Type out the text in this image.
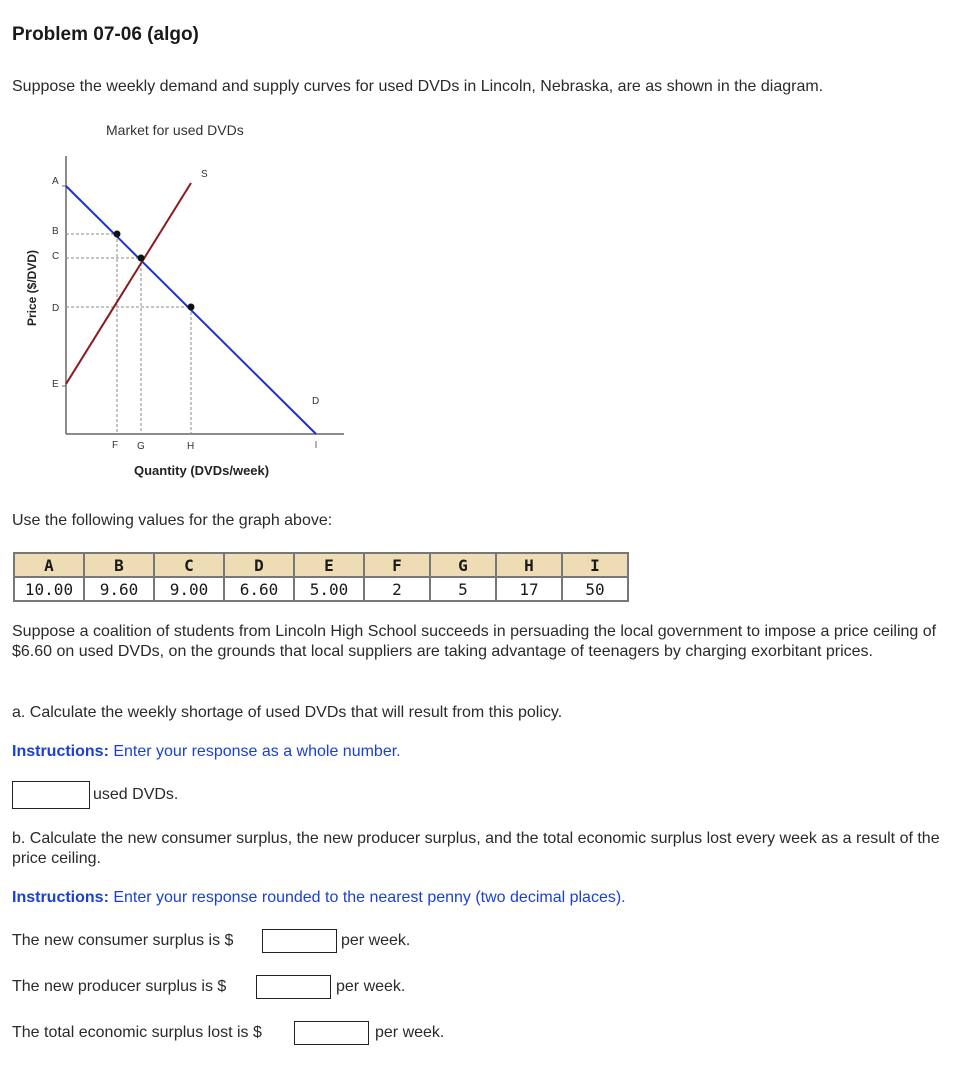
Problem 07-06 (algo)
Suppose the weekly demand and supply curves for used DVDs in Lincoln, Nebraska, are as shown in the diagram.
Market for used DVDs
Price ($/DVD)
A
B
C
D
E
F G	H
S
D
Quantity (DVDs/week)
Use the following values for the graph above:
A	B	C	D	E	F	G	H	I
10.00	9.60	9.00	6.60	5.00	2	5	17	50
Suppose a coalition of students from Lincoln High School succeeds in persuading the local government to impose a price ceiling of $6.60 on used DVDs, on the grounds that local suppliers are taking advantage of teenagers by charging exorbitant prices.
a. Calculate the weekly shortage of used DVDs that will result from this policy.
Instructions: Enter your response as a whole number.
used DVDs.
b. Calculate the new consumer surplus, the new producer surplus, and the total economic surplus lost every week as a result of the price ceiling.
Instructions: Enter your response rounded to the nearest penny (two decimal places).
The new consumer surplus is $	per week.
The new producer surplus is $	per week.
The total economic surplus lost is $	per week.
